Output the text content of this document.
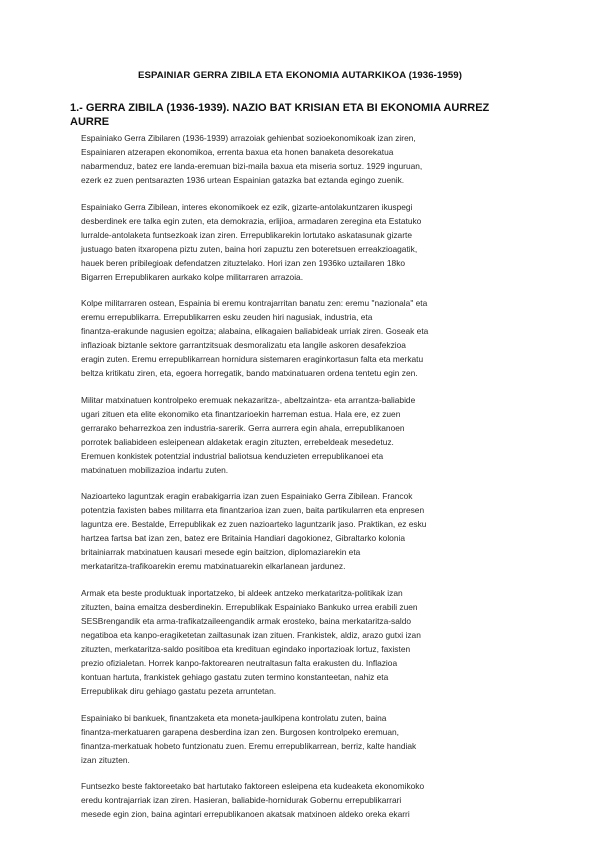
ESPAINIAR GERRA ZIBILA ETA EKONOMIA AUTARKIKOA (1936-1959)
1.- GERRA ZIBILA (1936-1939). NAZIO BAT KRISIAN ETA BI EKONOMIA AURREZ
AURRE

Espainiako Gerra Zibilaren (1936-1939) arrazoiak gehienbat sozioekonomikoak izan ziren,
Espainiaren atzerapen ekonomikoa, errenta baxua eta honen banaketa desorekatua
nabarmenduz, batez ere landa-eremuan bizi-maila baxua eta miseria sortuz. 1929 inguruan,
ezerk ez zuen pentsarazten 1936 urtean Espainian gatazka bat eztanda egingo zuenik.

Espainiako Gerra Zibilean, interes ekonomikoek ez ezik, gizarte-antolakuntzaren ikuspegi
desberdinek ere talka egin zuten, eta demokrazia, erlijioa, armadaren zeregina eta Estatuko
lurralde-antolaketa funtsezkoak izan ziren. Errepublikarekin lortutako askatasunak gizarte
justuago baten itxaropena piztu zuten, baina hori zapuztu zen boteretsuen erreakzioagatik,
hauek beren pribilegioak defendatzen zituztelako. Hori izan zen 1936ko uztailaren 18ko
Bigarren Errepublikaren aurkako kolpe militarraren arrazoia.

Kolpe militarraren ostean, Espainia bi eremu kontrajarritan banatu zen: eremu "nazionala" eta
eremu errepublikarra. Errepublikarren esku zeuden hiri nagusiak, industria, eta
finantza-erakunde nagusien egoitza; alabaina, elikagaien baliabideak urriak ziren. Goseak eta
inflazioak biztanle sektore garrantzitsuak desmoralizatu eta langile askoren desafekzioa
eragin zuten. Eremu errepublikarrean hornidura sistemaren eraginkortasun falta eta merkatu
beltza kritikatu ziren, eta, egoera horregatik, bando matxinatuaren ordena tentetu egin zen.

Militar matxinatuen kontrolpeko eremuak nekazaritza-, abeltzaintza- eta arrantza-baliabide
ugari zituen eta elite ekonomiko eta finantzarioekin harreman estua. Hala ere, ez zuen
gerrarako beharrezkoa zen industria-sarerik. Gerra aurrera egin ahala, errepublikanoen
porrotek baliabideen esleipenean aldaketak eragin zituzten, errebeldeak mesedetuz.
Eremuen konkistek potentzial industrial baliotsua kenduzieten errepublikanoei eta
matxinatuen mobilizazioa indartu zuten.

Nazioarteko laguntzak eragin erabakigarria izan zuen Espainiako Gerra Zibilean. Francok
potentzia faxisten babes militarra eta finantzarioa izan zuen, baita partikularren eta enpresen
laguntza ere. Bestalde, Errepublikak ez zuen nazioarteko laguntzarik jaso. Praktikan, ez esku
hartzea fartsa bat izan zen, batez ere Britainia Handiari dagokionez, Gibraltarko kolonia
britainiarrak matxinatuen kausari mesede egin baitzion, diplomaziarekin eta
merkataritza-trafikoarekin eremu matxinatuarekin elkarlanean jardunez.

Armak eta beste produktuak inportatzeko, bi aldeek antzeko merkataritza-politikak izan
zituzten, baina emaitza desberdinekin. Errepublikak Espainiako Bankuko urrea erabili zuen
SESBrengandik eta arma-trafikatzaileengandik armak erosteko, baina merkataritza-saldo
negatiboa eta kanpo-eragiketetan zailtasunak izan zituen. Frankistek, aldiz, arazo gutxi izan
zituzten, merkataritza-saldo positiboa eta kredituan egindako inportazioak lortuz, faxisten
prezio ofizialetan. Horrek kanpo-faktorearen neutraltasun falta erakusten du. Inflazioa
kontuan hartuta, frankistek gehiago gastatu zuten termino konstanteetan, nahiz eta
Errepublikak diru gehiago gastatu pezeta arruntetan.

Espainiako bi bankuek, finantzaketa eta moneta-jaulkipena kontrolatu zuten, baina
finantza-merkatuaren garapena desberdina izan zen. Burgosen kontrolpeko eremuan,
finantza-merkatuak hobeto funtzionatu zuen. Eremu errepublikarrean, berriz, kalte handiak
izan zituzten.

Funtsezko beste faktoreetako bat hartutako faktoreen esleipena eta kudeaketa ekonomikoko
eredu kontrajarriak izan ziren. Hasieran, baliabide-hornidurak Gobernu errepublikarrari
mesede egin zion, baina agintari errepublikanoen akatsak matxinoen aldeko oreka ekarri
